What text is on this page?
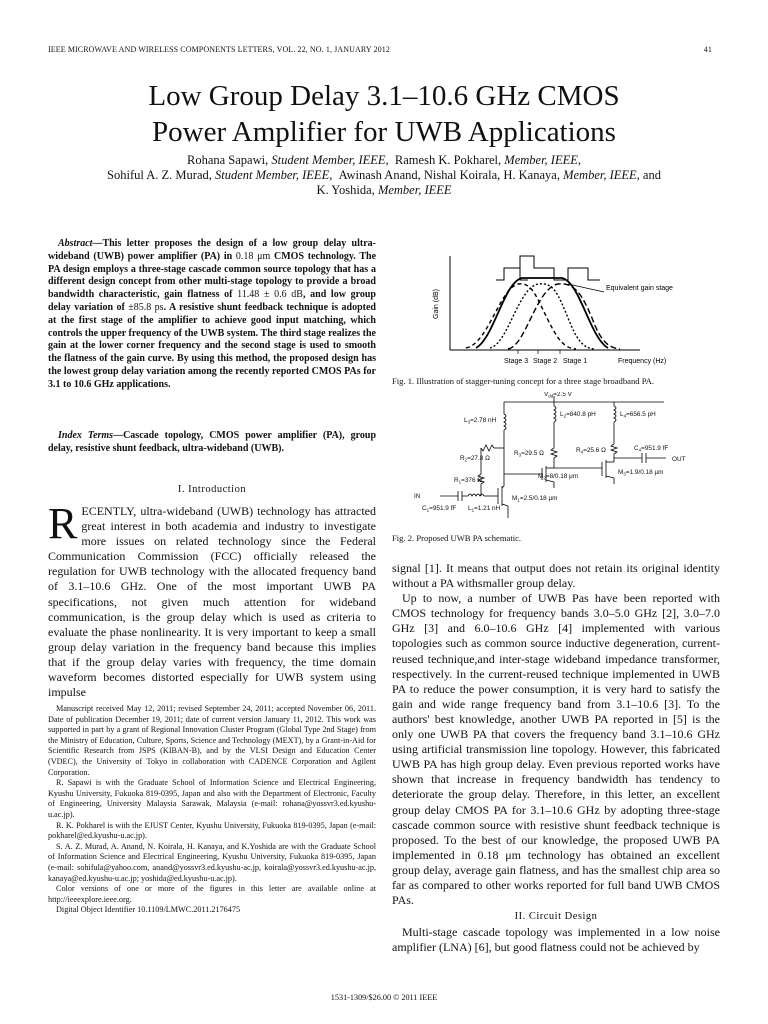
IEEE MICROWAVE AND WIRELESS COMPONENTS LETTERS, VOL. 22, NO. 1, JANUARY 2012	41
Low Group Delay 3.1–10.6 GHz CMOS
Power Amplifier for UWB Applications
Rohana Sapawi, Student Member, IEEE, Ramesh K. Pokharel, Member, IEEE,
Sohiful A. Z. Murad, Student Member, IEEE, Awinash Anand, Nishal Koirala, H. Kanaya, Member, IEEE, and
K. Yoshida, Member, IEEE

Abstract—This letter proposes the design of a low group delay ultra-wideband (UWB) power amplifier (PA) in 0.18 μm CMOS technology. The PA design employs a three-stage cascade common source topology that has a different design concept from other multi-stage topology to provide a broad bandwidth characteristic, gain flatness of 11.48 ± 0.6 dB, and low group delay variation of ±85.8 ps. A resistive shunt feedback technique is adopted at the first stage of the amplifier to achieve good input matching, which controls the upper frequency of the UWB system. The third stage realizes the gain at the lower corner frequency and the second stage is used to smooth the flatness of the gain curve. By using this method, the proposed design has the lowest group delay variation among the recently reported CMOS PAs for 3.1 to 10.6 GHz applications.

Index Terms—Cascade topology, CMOS power amplifier (PA), group delay, resistive shunt feedback, ultra-wideband (UWB).

I. Introduction
RECENTLY, ultra-wideband (UWB) technology has attracted great interest in both academia and industry to investigate more issues on related technology since the Federal Communication Commission (FCC) officially released the regulation for UWB technology with the allocated frequency band of 3.1–10.6 GHz. One of the most important UWB PA specifications, not given much attention for wideband communication, is the group delay which is used as criteria to evaluate the phase nonlinearity. It is very important to keep a small group delay variation in the frequency band because this implies that if the group delay varies with frequency, the time domain waveform becomes distorted especially for UWB system using impulse

Manuscript received May 12, 2011; revised September 24, 2011; accepted November 06, 2011. Date of publication December 19, 2011; date of current version January 11, 2012. This work was supported in part by a grant of Regional Innovation Cluster Program (Global Type 2nd Stage) from the Ministry of Education, Culture, Sports, Science and Technology (MEXT), by a Grant-in-Aid for Scientific Research from JSPS (KIBAN-B), and by the VLSI Design and Education Center (VDEC), the University of Tokyo in collaboration with CADENCE Corporation and Agilent Corporation.

R. Sapawi is with the Graduate School of Information Science and Electrical Engineering, Kyushu University, Fukuoka 819-0395, Japan and also with the Department of Electronic, Faculty of Engineering, University Malaysia Sarawak, Malaysia (e-mail: rohana@yossvr3.ed.kyushu-u.ac.jp).

R. K. Pokharel is with the EJUST Center, Kyushu University, Fukuoka 819-0395, Japan (e-mail: pokharel@ed.kyushu-u.ac.jp).

S. A. Z. Murad, A. Anand, N. Koirala, H. Kanaya, and K.Yoshida are with the Graduate School of Information Science and Electrical Engineering, Kyushu University, Fukuoka 819-0395, Japan (e-mail: sohifula@yahoo.com, anand@yossvr3.ed.kyushu-ac.jp, koirala@yossvr3.ed.kyushu-ac.jp, kanaya@ed.kyushu-u.ac.jp; yoshida@ed.kyushu-u.ac.jp).

Color versions of one or more of the figures in this letter are available online at http://ieeexplore.ieee.org.

Digital Object Identifier 10.1109/LMWC.2011.2176475

Gain (dB)
Equivalent gain stage
Stage 3 Stage 2 Stage 1	Frequency (Hz)
Fig. 1. Illustration of stagger-tuning concept for a three stage broadband PA.
$V_{dd}=2.5$ V
$L_3=2.78$ nH
$L_2=840.8$ pH	$L_4=656.5$ pH
$R_3=29.5$ Ω	$R_4=25.6$ Ω	$C_4=951.9$ fF
$R_2=27.8$ Ω	OUT
$M_2=8/0.18$ μm
$M_3=1.9/0.18$ μm
$R_1=376$ Ω
IN	$M_1=2.5/0.18$ μm
$C_1=951.9$ fF $L_1=1.21$ nH
Fig. 2. Proposed UWB PA schematic.

signal [1]. It means that output does not retain its original identity without a PA withsmaller group delay.

Up to now, a number of UWB Pas have been reported with CMOS technology for frequency bands 3.0–5.0 GHz [2], 3.0–7.0 GHz [3] and 6.0–10.6 GHz [4] implemented with various topologies such as common source inductive degeneration, current-reused technique,and inter-stage wideband impedance transformer, respectively. In the current-reused technique implemented in UWB PA to reduce the power consumption, it is very hard to satisfy the gain and wide range frequency band from 3.1–10.6 [3]. To the authors' best knowledge, another UWB PA reported in [5] is the only one UWB PA that covers the frequency band 3.1–10.6 GHz using artificial transmission line topology. However, this fabricated UWB PA has high group delay. Even previous reported works have shown that increase in frequency bandwidth has tendency to deteriorate the group delay. Therefore, in this letter, an excellent group delay CMOS PA for 3.1–10.6 GHz by adopting three-stage cascade common source with resistive shunt feedback technique is proposed. To the best of our knowledge, the proposed UWB PA implemented in 0.18 μm technology has obtained an excellent group delay, average gain flatness, and has the smallest chip area so far as compared to other works reported for full band UWB CMOS PAs.

II. Circuit Design

Multi-stage cascade topology was implemented in a low noise amplifier (LNA) [6], but good flatness could not be achieved by

1531-1309/$26.00 © 2011 IEEE
